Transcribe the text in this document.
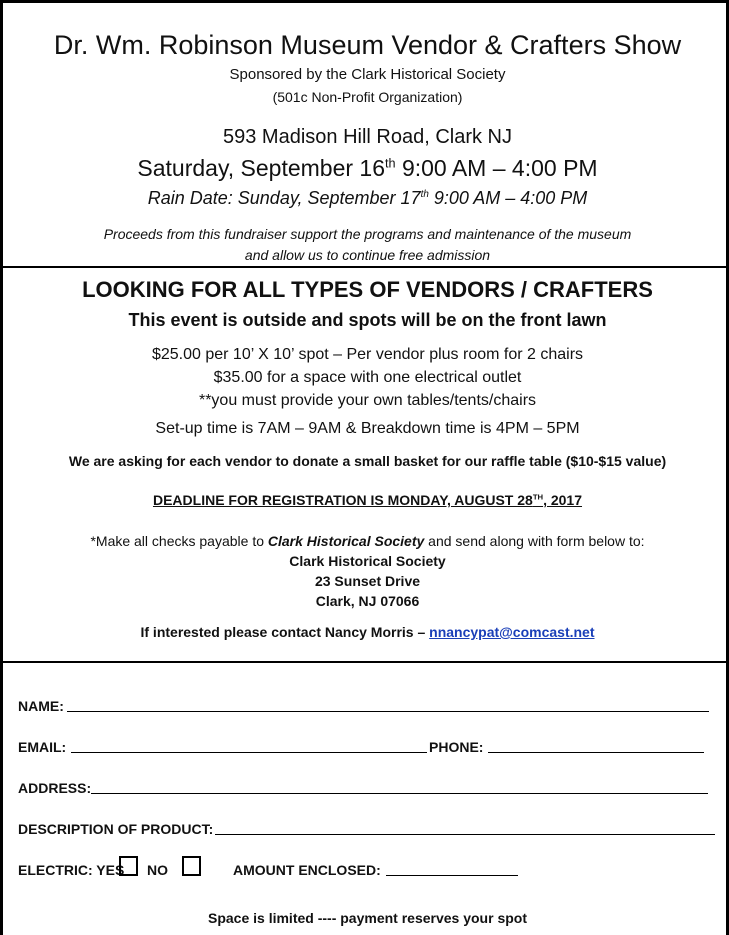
Dr. Wm. Robinson Museum Vendor & Crafters Show
Sponsored by the Clark Historical Society
(501c Non-Profit Organization)
593 Madison Hill Road, Clark NJ
Saturday, September 16th 9:00 AM – 4:00 PM
Rain Date: Sunday, September 17th 9:00 AM – 4:00 PM
Proceeds from this fundraiser support the programs and maintenance of the museum
and allow us to continue free admission
LOOKING FOR ALL TYPES OF VENDORS / CRAFTERS
This event is outside and spots will be on the front lawn
$25.00 per 10’ X 10’ spot – Per vendor plus room for 2 chairs
$35.00 for a space with one electrical outlet
**you must provide your own tables/tents/chairs
Set-up time is 7AM – 9AM & Breakdown time is 4PM – 5PM
We are asking for each vendor to donate a small basket for our raffle table ($10-$15 value)
DEADLINE FOR REGISTRATION IS MONDAY, AUGUST 28TH, 2017
*Make all checks payable to Clark Historical Society and send along with form below to:
Clark Historical Society
23 Sunset Drive
Clark, NJ 07066
If interested please contact Nancy Morris – nnancypat@comcast.net
NAME:
EMAIL:	PHONE:
ADDRESS:
DESCRIPTION OF PRODUCT:
ELECTRIC: YES NO	AMOUNT ENCLOSED:
Space is limited ---- payment reserves your spot
